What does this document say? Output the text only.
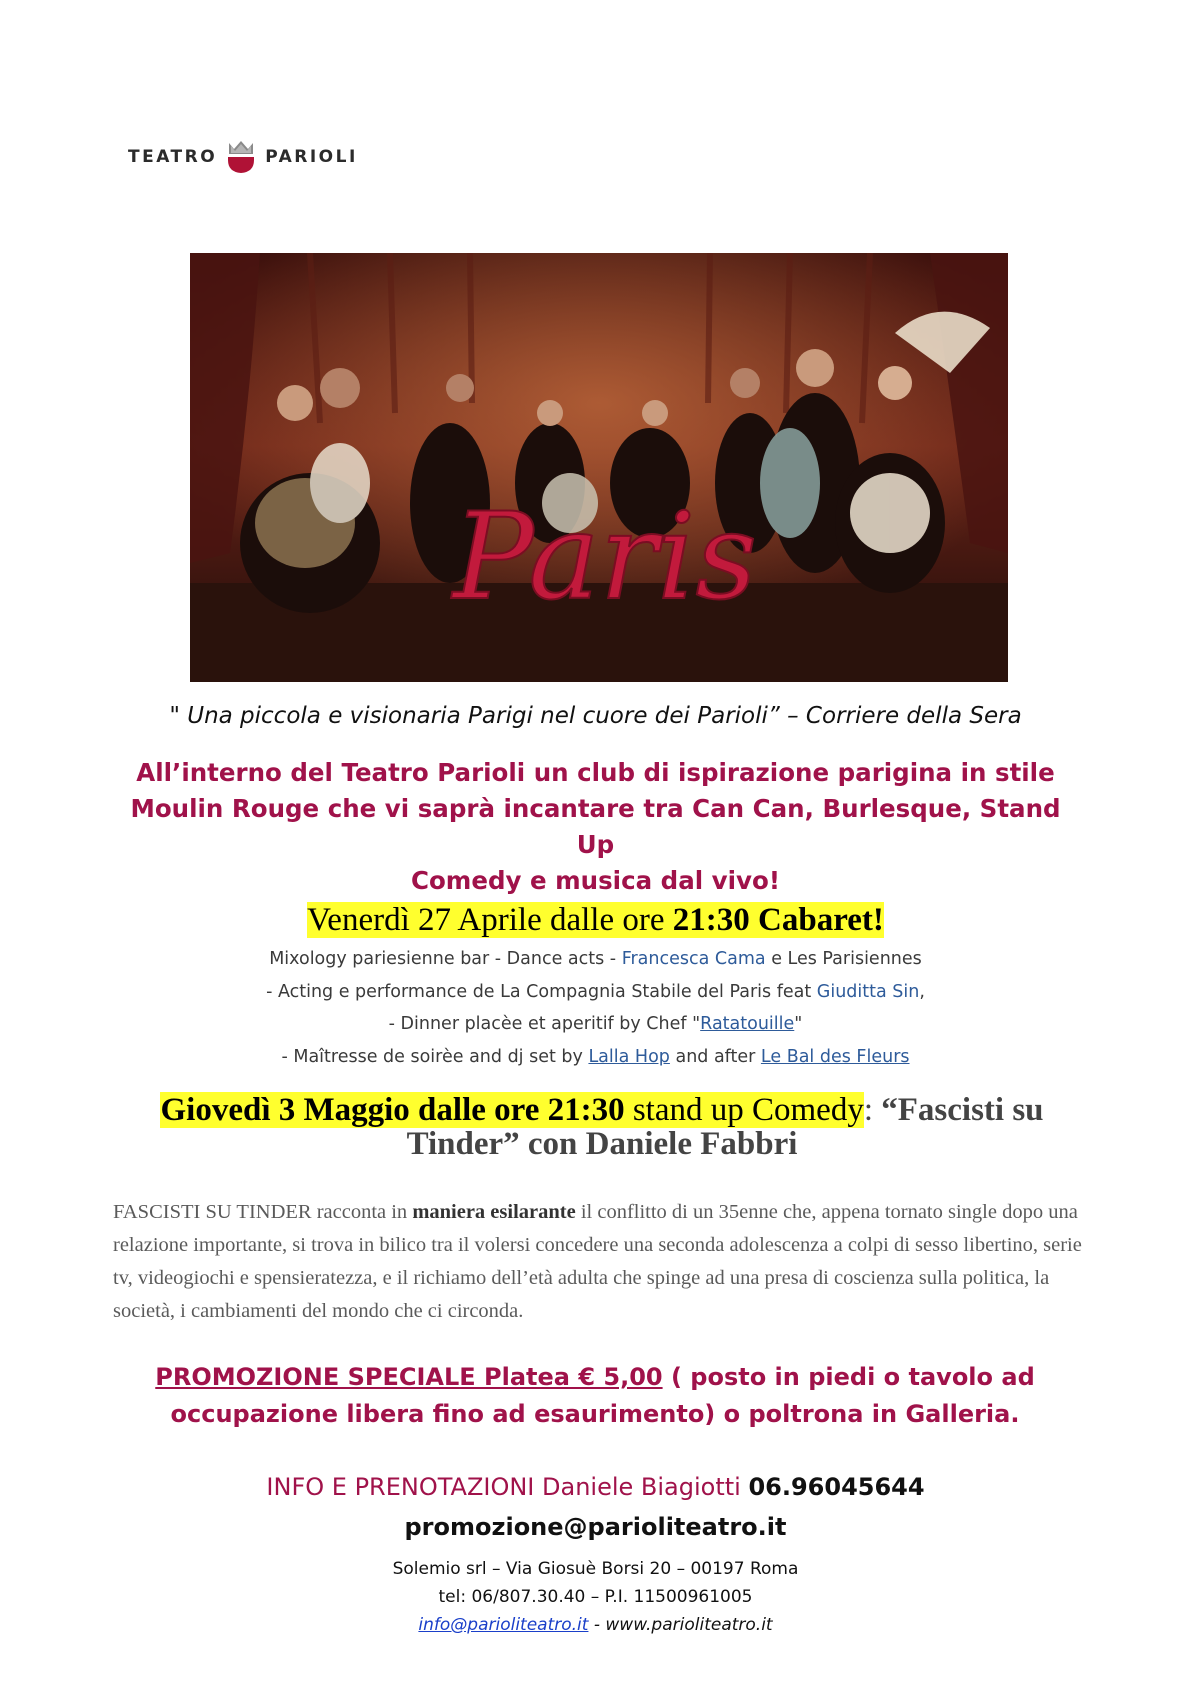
TEATRO	PARIOLI
Paris
" Una piccola e visionaria Parigi nel cuore dei Parioli” – Corriere della Sera
All’interno del Teatro Parioli un club di ispirazione parigina in stile
Moulin Rouge che vi saprà incantare tra Can Can, Burlesque, Stand Up
Comedy e musica dal vivo!
Venerdì 27 Aprile dalle ore 21:30 Cabaret!
Mixology pariesienne bar - Dance acts - Francesca Cama e Les Parisiennes
- Acting e performance de La Compagnia Stabile del Paris feat Giuditta Sin,
- Dinner placèe et aperitif by Chef "Ratatouille"
- Maîtresse de soirèe and dj set by Lalla Hop and after Le Bal des Fleurs
Giovedì 3 Maggio dalle ore 21:30 stand up Comedy: “Fascisti su Tinder” con Daniele Fabbri
FASCISTI SU TINDER racconta in maniera esilarante il conflitto di un 35enne che, appena tornato single dopo una relazione importante, si trova in bilico tra il volersi concedere una seconda adolescenza a colpi di sesso libertino, serie tv, videogiochi e spensieratezza, e il richiamo dell’età adulta che spinge ad una presa di coscienza sulla politica, la società, i cambiamenti del mondo che ci circonda.
PROMOZIONE SPECIALE Platea € 5,00 ( posto in piedi o tavolo ad
occupazione libera fino ad esaurimento) o poltrona in Galleria.
INFO E PRENOTAZIONI Daniele Biagiotti 06.96045644
promozione@parioliteatro.it
Solemio srl – Via Giosuè Borsi 20 – 00197 Roma
tel: 06/807.30.40 – P.I. 11500961005
info@parioliteatro.it - www.parioliteatro.it
